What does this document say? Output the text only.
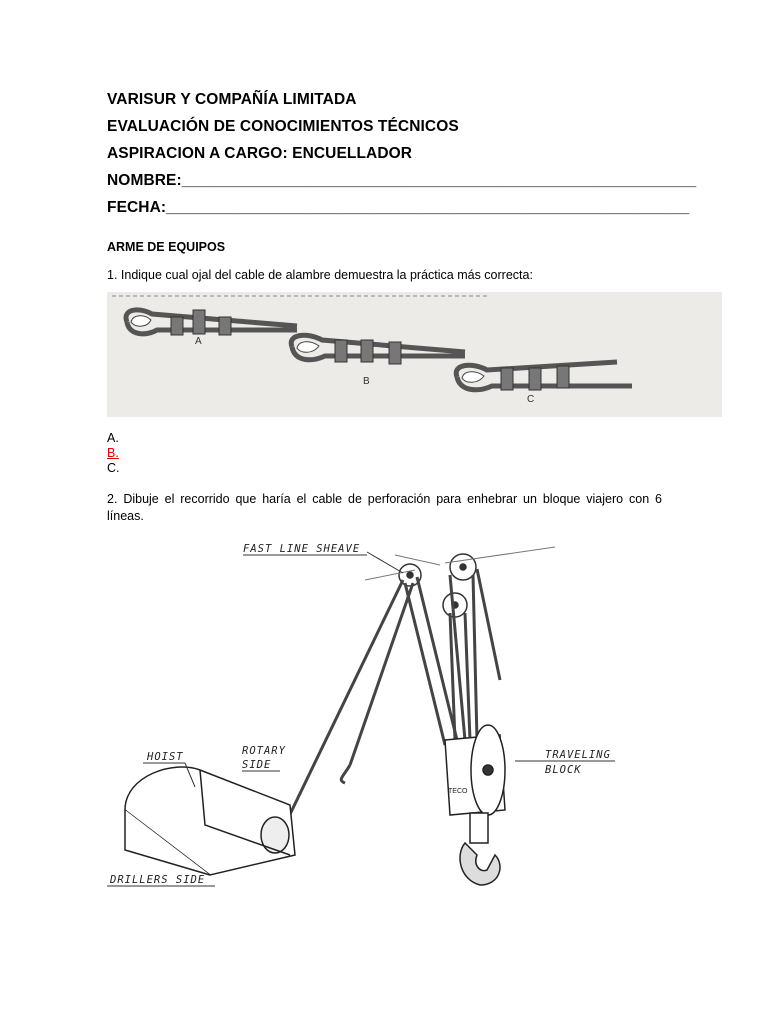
VARISUR Y COMPAÑÍA LIMITADA
EVALUACIÓN DE CONOCIMIENTOS TÉCNICOS
ASPIRACION A CARGO: ENCUELLADOR
NOMBRE:___________________________________________________________
FECHA:____________________________________________________________
ARME DE EQUIPOS
1. Indique cual ojal del cable de alambre demuestra la práctica más correcta:
A
B
C
A.
B.
C.
2. Dibuje el recorrido que haría el cable de perforación para enhebrar un bloque viajero con 6 líneas.
TECO
FAST LINE SHEAVE
HOIST	ROTARY
SIDE
TRAVELING
BLOCK
DRILLERS SIDE
